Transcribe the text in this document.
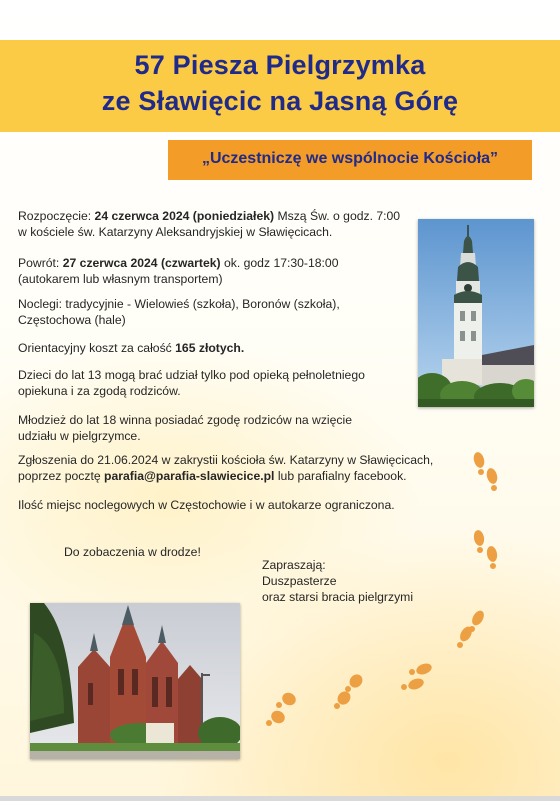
57 Piesza Pielgrzymka
ze Sławięcic na Jasną Górę
„Uczestniczę we wspólnocie Kościoła”
Rozpoczęcie: 24 czerwca 2024 (poniedziałek) Mszą Św. o godz. 7:00
w kościele św. Katarzyny Aleksandryjskiej w Sławięcicach.
Powrót: 27 czerwca 2024 (czwartek) ok. godz 17:30-18:00
(autokarem lub własnym transportem)
Noclegi: tradycyjnie - Wielowieś (szkoła), Boronów (szkoła),
Częstochowa (hale)
Orientacyjny koszt za całość 165 złotych.
Dzieci do lat 13 mogą brać udział tylko pod opieką pełnoletniego
opiekuna i za zgodą rodziców.
Młodzież do lat 18 winna posiadać zgodę rodziców na wzięcie
udziału w pielgrzymce.
Zgłoszenia do 21.06.2024 w zakrystii kościoła św. Katarzyny w Sławięcicach,
poprzez pocztę parafia@parafia-slawiecice.pl lub parafialny facebook.
Ilość miejsc noclegowych w Częstochowie i w autokarze ograniczona.
Do zobaczenia w drodze!
Zapraszają:
Duszpasterze
oraz starsi bracia pielgrzymi
